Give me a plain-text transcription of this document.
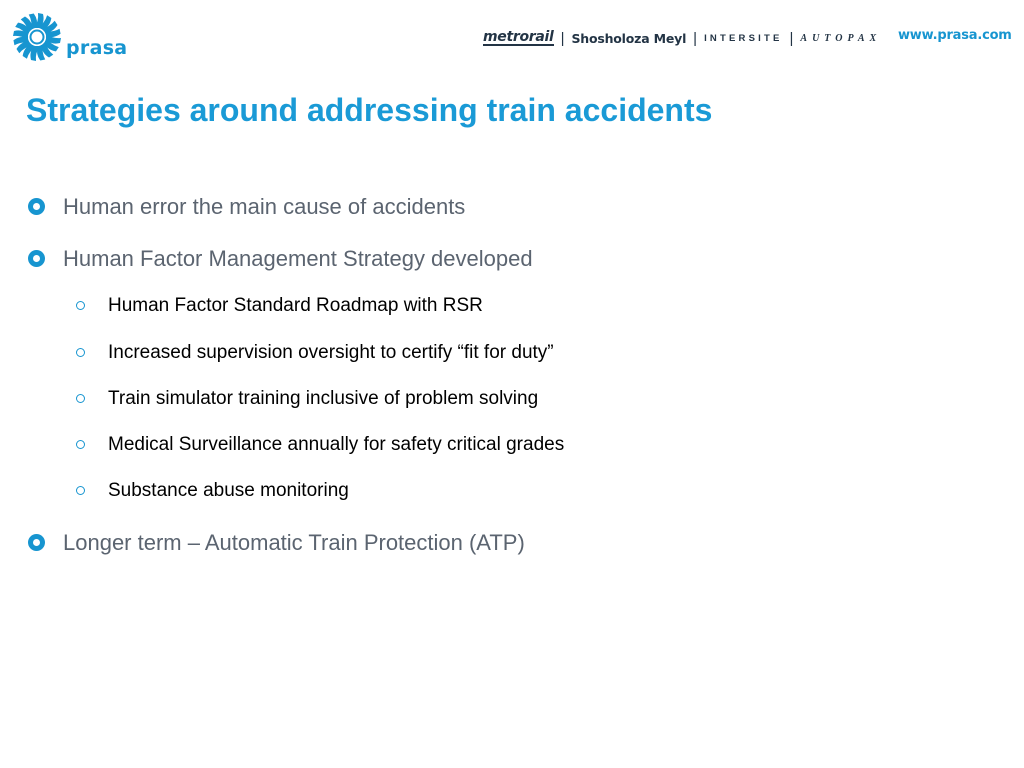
prasa	metrorail | Shosholoza Meyl | INTERSITE | AUTOPAX www.prasa.com
Strategies around addressing train accidents
Human error the main cause of accidents
Human Factor Management Strategy developed
Human Factor Standard Roadmap with RSR
Increased supervision oversight to certify “fit for duty”
Train simulator training inclusive of problem solving
Medical Surveillance annually for safety critical grades
Substance abuse monitoring
Longer term – Automatic Train Protection (ATP)
